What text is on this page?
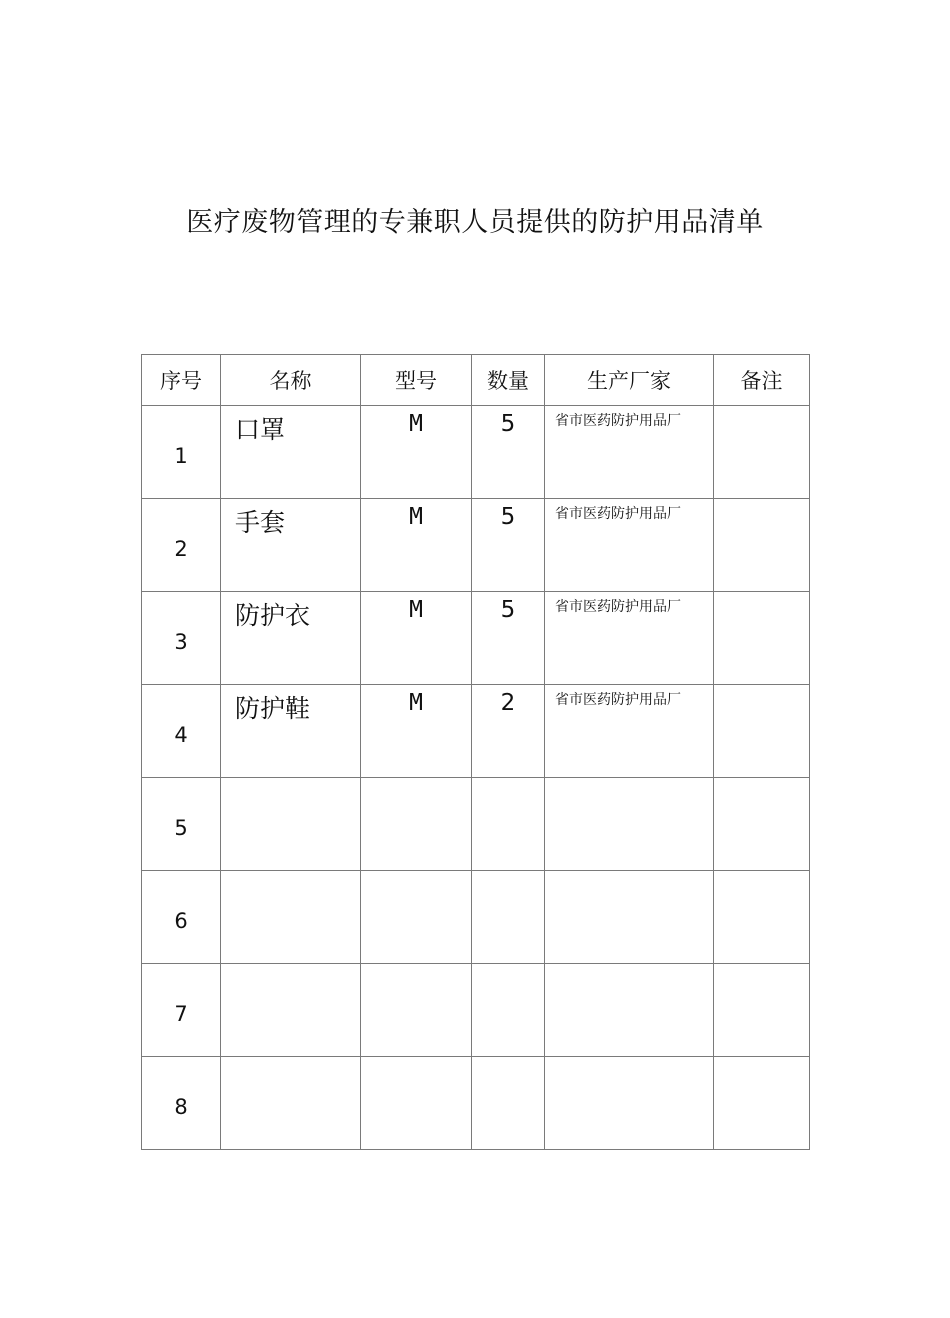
医疗废物管理的专兼职人员提供的防护用品清单
序号	名称	型号	数量	生产厂家	备注
1	口罩	M	5	省市医药防护用品厂	
2	手套	M	5	省市医药防护用品厂	
3	防护衣	M	5	省市医药防护用品厂	
4	防护鞋	M	2	省市医药防护用品厂	
5					
6					
7					
8					
